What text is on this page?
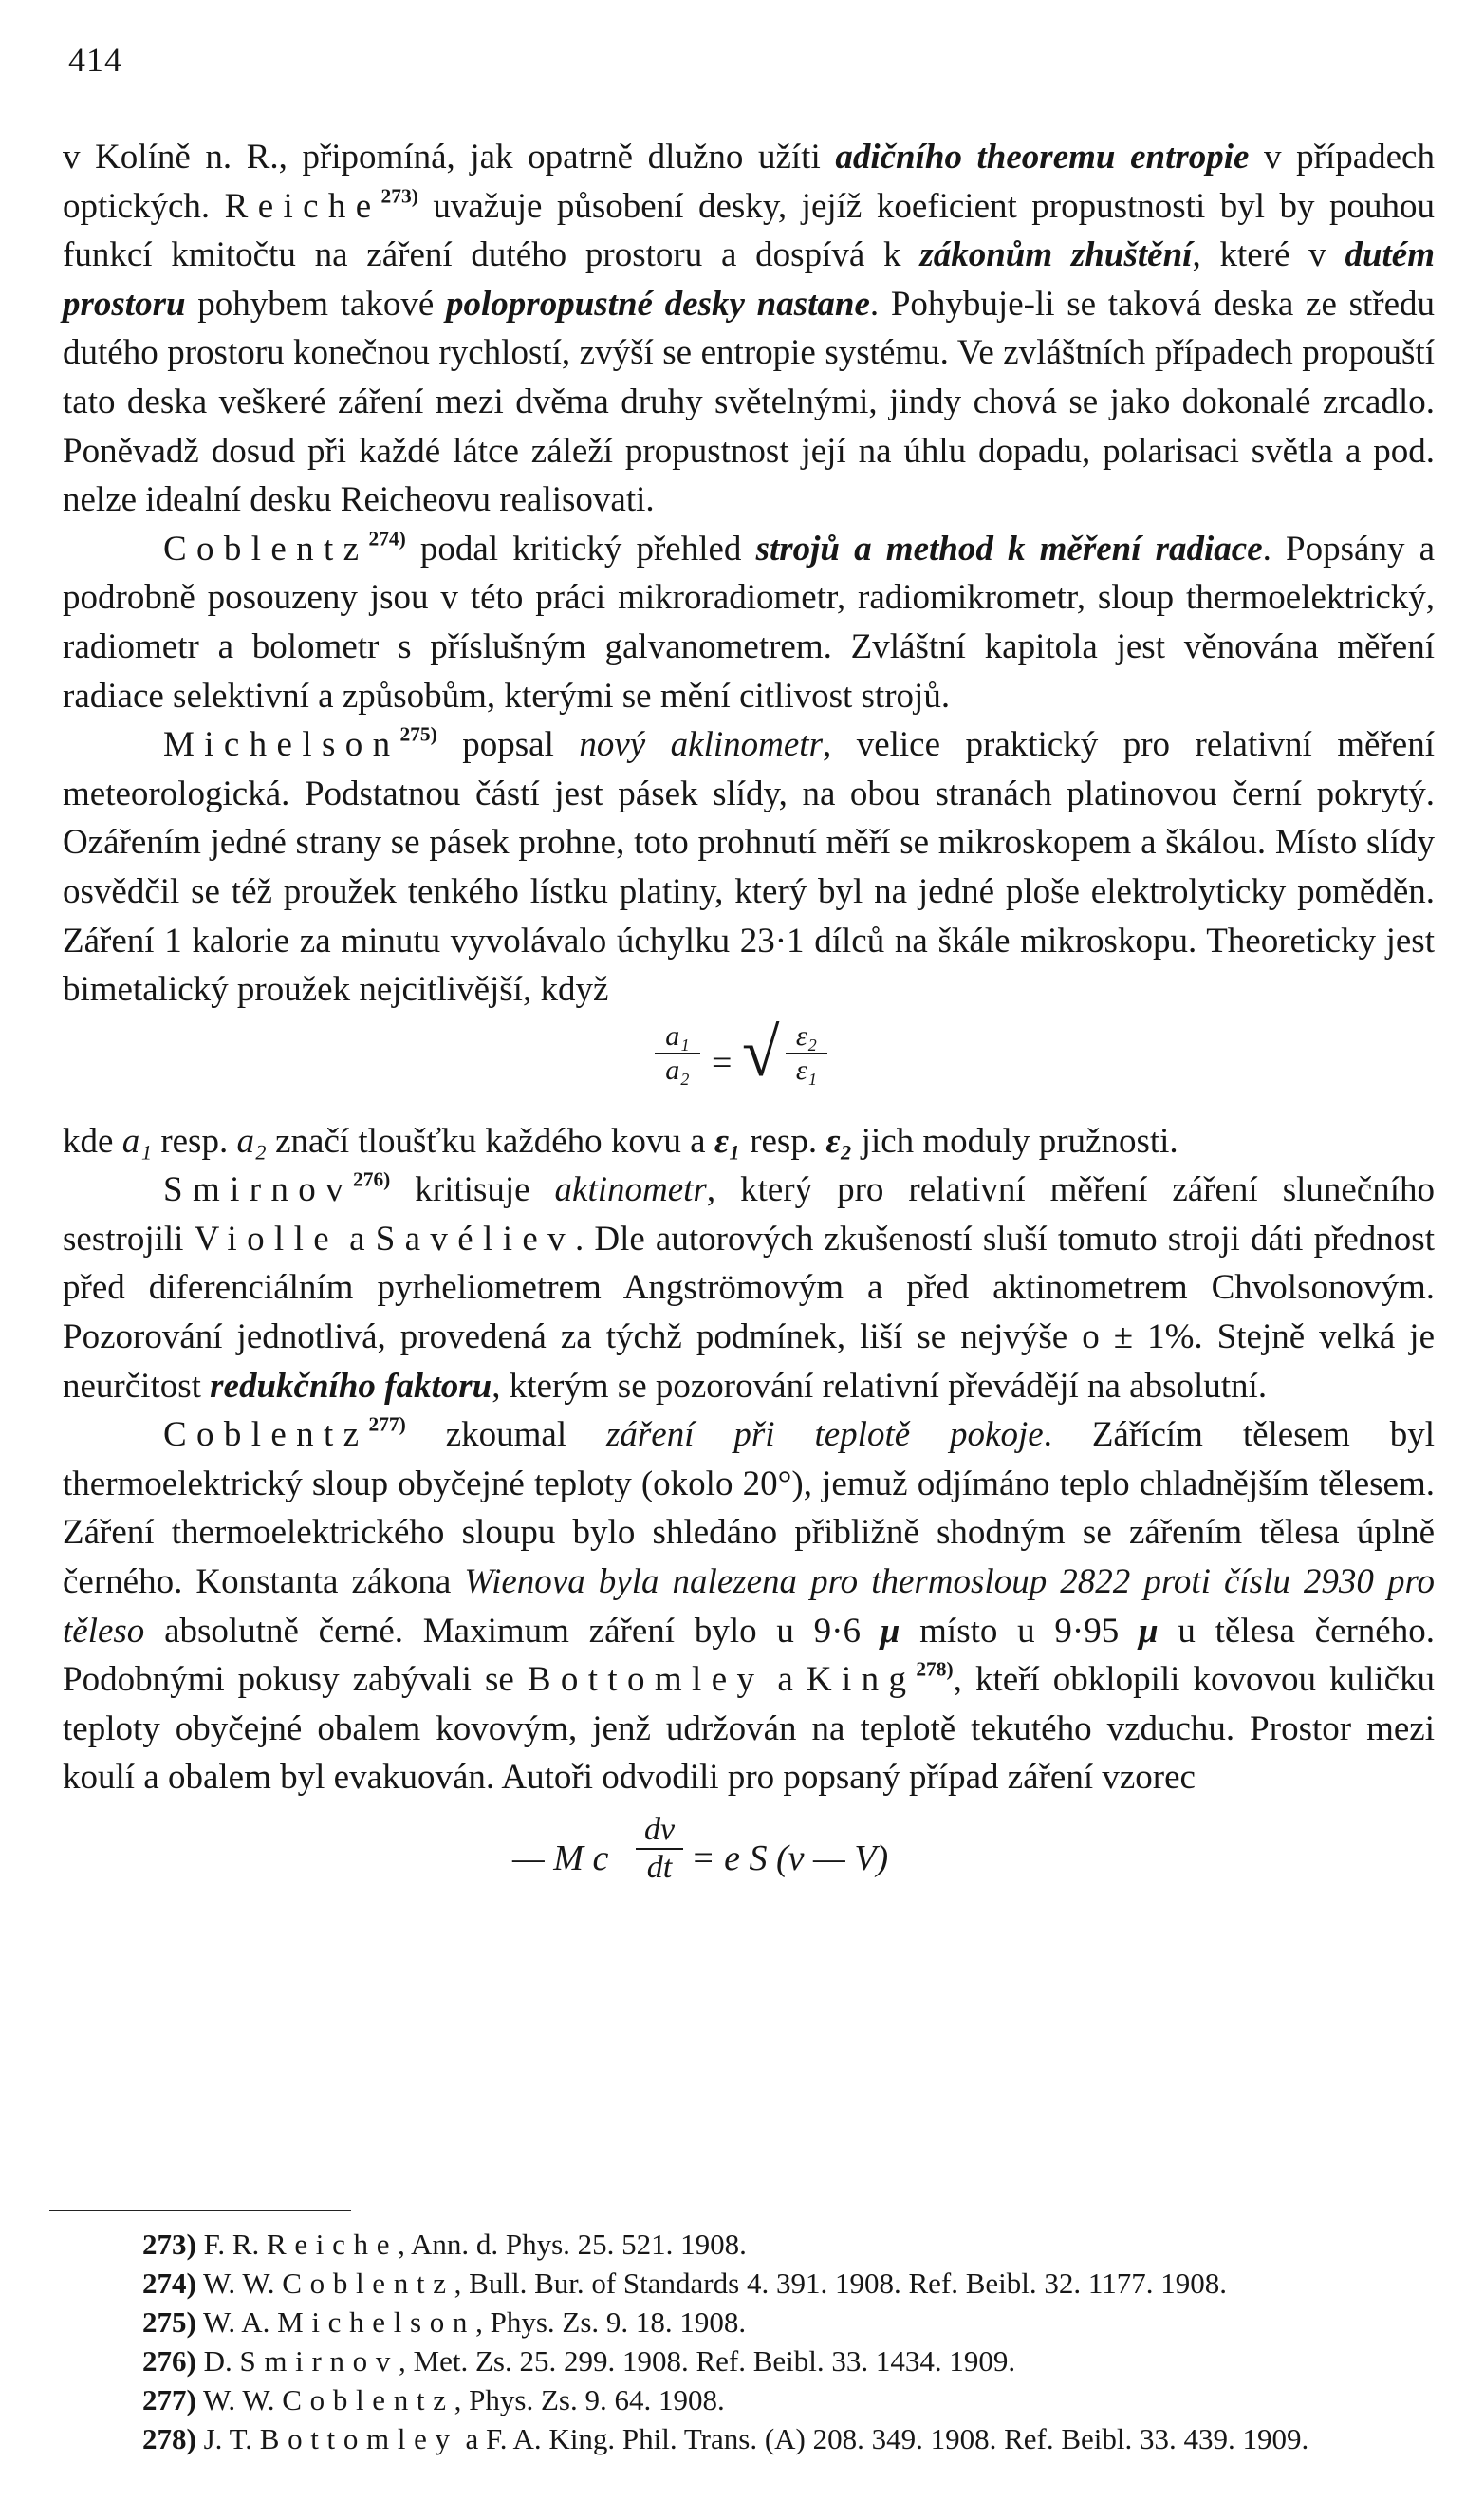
414

v Kolíně n. R., připomíná, jak opatrně dlužno užíti adičního theoremu entropie v případech optických. Reiche$^{273)}$ uvažuje působení desky, jejíž koeficient propustnosti byl by pouhou funkcí kmitočtu na záření dutého prostoru a dospívá k zákonům zhuštění, které v dutém prostoru pohybem takové polopropustné desky nastane. Pohybuje-li se taková deska ze středu dutého prostoru konečnou rychlostí, zvýší se entropie systému. Ve zvláštních případech propouští tato deska veškeré záření mezi dvěma druhy světelnými, jindy chová se jako dokonalé zrcadlo. Poněvadž dosud při každé látce záleží propustnost její na úhlu dopadu, polarisaci světla a pod. nelze idealní desku Reicheovu realisovati.

Coblentz$^{274)}$ podal kritický přehled strojů a method k měření radiace. Popsány a podrobně posouzeny jsou v této práci mikroradiometr, radiomikrometr, sloup thermoelektrický, radiometr a bolometr s příslušným galvanometrem. Zvláštní kapitola jest věnována měření radiace selektivní a způsobům, kterými se mění citlivost strojů.

Michelson$^{275)}$ popsal nový aklinometr, velice praktický pro relativní měření meteorologická. Podstatnou částí jest pásek slídy, na obou stranách platinovou černí pokrytý. Ozářením jedné strany se pásek prohne, toto prohnutí měří se mikroskopem a škálou. Místo slídy osvědčil se též proužek tenkého lístku platiny, který byl na jedné ploše elektrolyticky poměděn. Záření 1 kalorie za minutu vyvolávalo úchylku 23·1 dílců na škále mikroskopu. Theoreticky jest bimetalický proužek nejcitlivější, když

a₁
a₂ = √ ε₂
ε₁

kde a₁ resp. a₂ značí tloušťku každého kovu a ε₁ resp. ε₂ jich moduly pružnosti.

Smirnov$^{276)}$ kritisuje aktinometr, který pro relativní měření záření slunečního sestrojili Violle a Savéliev. Dle autorových zkušeností sluší tomuto stroji dáti přednost před diferenciálním pyrheliometrem Angströmovým a před aktinometrem Chvolsonovým. Pozorování jednotlivá, provedená za týchž podmínek, liší se nejvýše o ± 1%. Stejně velká je neurčitost redukčního faktoru, kterým se pozorování relativní převádějí na absolutní.

Coblentz$^{277)}$ zkoumal záření při teplotě pokoje. Zářícím tělesem byl thermoelektrický sloup obyčejné teploty (okolo 20°), jemuž odjímáno teplo chladnějším tělesem. Záření thermoelektrického sloupu bylo shledáno přibližně shodným se zářením tělesa úplně černého. Konstanta zákona Wienova byla nalezena pro thermosloup 2822 proti číslu 2930 pro těleso absolutně černé. Maximum záření bylo u 9·6 μ místo u 9·95 μ u tělesa černého. Podobnými pokusy zabývali se Bottomley a King$^{278)}$, kteří obklopili kovovou kuličku teploty obyčejné obalem kovovým, jenž udržován na teplotě tekutého vzduchu. Prostor mezi koulí a obalem byl evakuován. Autoři odvodili pro popsaný případ záření vzorec

— M c
dv
dt = e S (v — V)

273) F. R. Reiche, Ann. d. Phys. 25. 521. 1908.

274) W. W. Coblentz, Bull. Bur. of Standards 4. 391. 1908. Ref. Beibl. 32. 1177. 1908.

275) W. A. Michelson, Phys. Zs. 9. 18. 1908.

276) D. Smirnov, Met. Zs. 25. 299. 1908. Ref. Beibl. 33. 1434. 1909.

277) W. W. Coblentz, Phys. Zs. 9. 64. 1908.

278) J. T. Bottomley a F. A. King. Phil. Trans. (A) 208. 349. 1908. Ref. Beibl. 33. 439. 1909.
